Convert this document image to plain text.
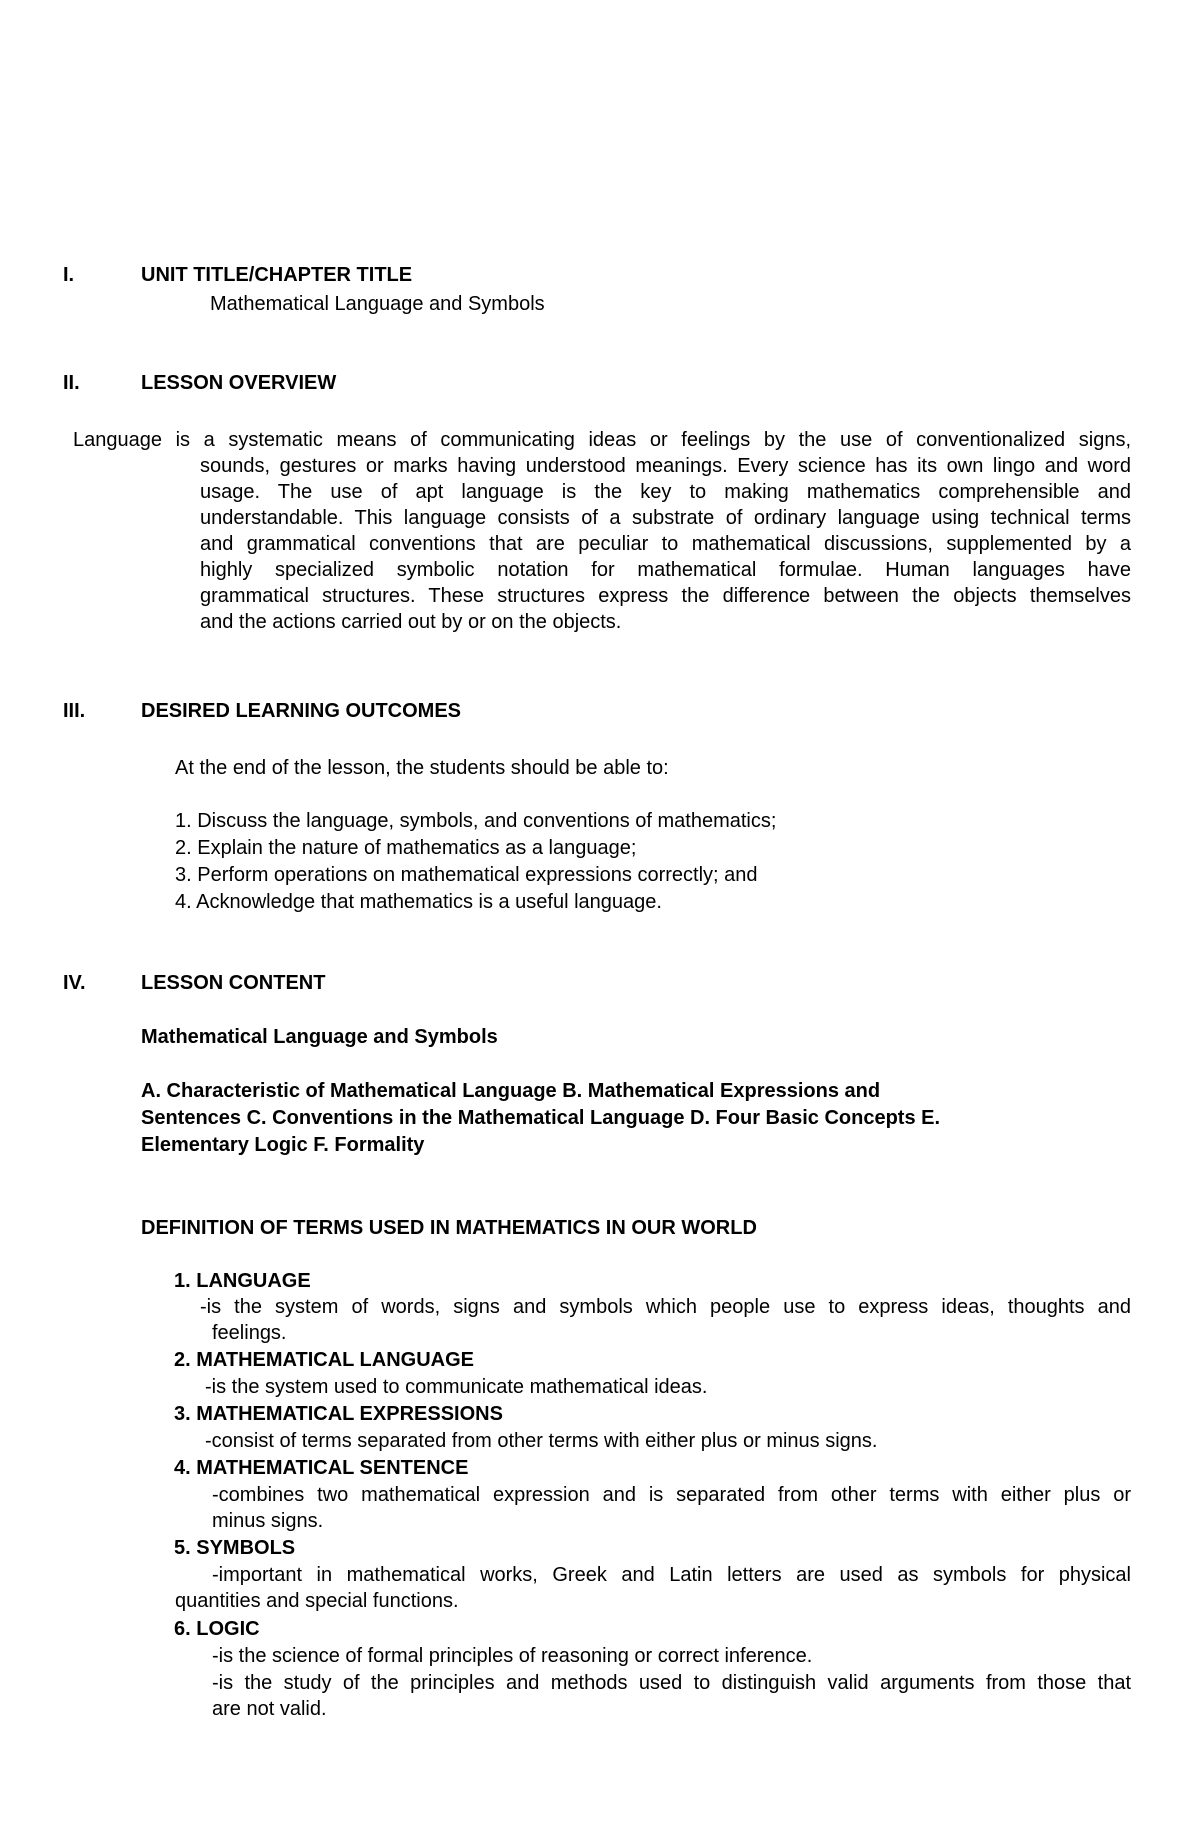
I.	UNIT TITLE/CHAPTER TITLE
Mathematical Language and Symbols
II.	LESSON OVERVIEW
Language is a systematic means of communicating ideas or feelings by the use of conventionalized signs,
sounds, gestures or marks having understood meanings. Every science has its own lingo and word
usage. The use of apt language is the key to making mathematics comprehensible and
understandable. This language consists of a substrate of ordinary language using technical terms
and grammatical conventions that are peculiar to mathematical discussions, supplemented by a
highly specialized symbolic notation for mathematical formulae. Human languages have
grammatical structures. These structures express the difference between the objects themselves
and the actions carried out by or on the objects.
III.	DESIRED LEARNING OUTCOMES
At the end of the lesson, the students should be able to:
1. Discuss the language, symbols, and conventions of mathematics;
2. Explain the nature of mathematics as a language;
3. Perform operations on mathematical expressions correctly; and
4. Acknowledge that mathematics is a useful language.
IV.	LESSON CONTENT
Mathematical Language and Symbols
A. Characteristic of Mathematical Language B. Mathematical Expressions and
Sentences C. Conventions in the Mathematical Language D. Four Basic Concepts E.
Elementary Logic F. Formality
DEFINITION OF TERMS USED IN MATHEMATICS IN OUR WORLD
1. LANGUAGE
-is the system of words, signs and symbols which people use to express ideas, thoughts and
feelings.
2. MATHEMATICAL LANGUAGE
-is the system used to communicate mathematical ideas.
3. MATHEMATICAL EXPRESSIONS
-consist of terms separated from other terms with either plus or minus signs.
4. MATHEMATICAL SENTENCE
-combines two mathematical expression and is separated from other terms with either plus or
minus signs.
5. SYMBOLS
-important in mathematical works, Greek and Latin letters are used as symbols for physical
quantities and special functions.
6. LOGIC
-is the science of formal principles of reasoning or correct inference.
-is the study of the principles and methods used to distinguish valid arguments from those that
are not valid.
